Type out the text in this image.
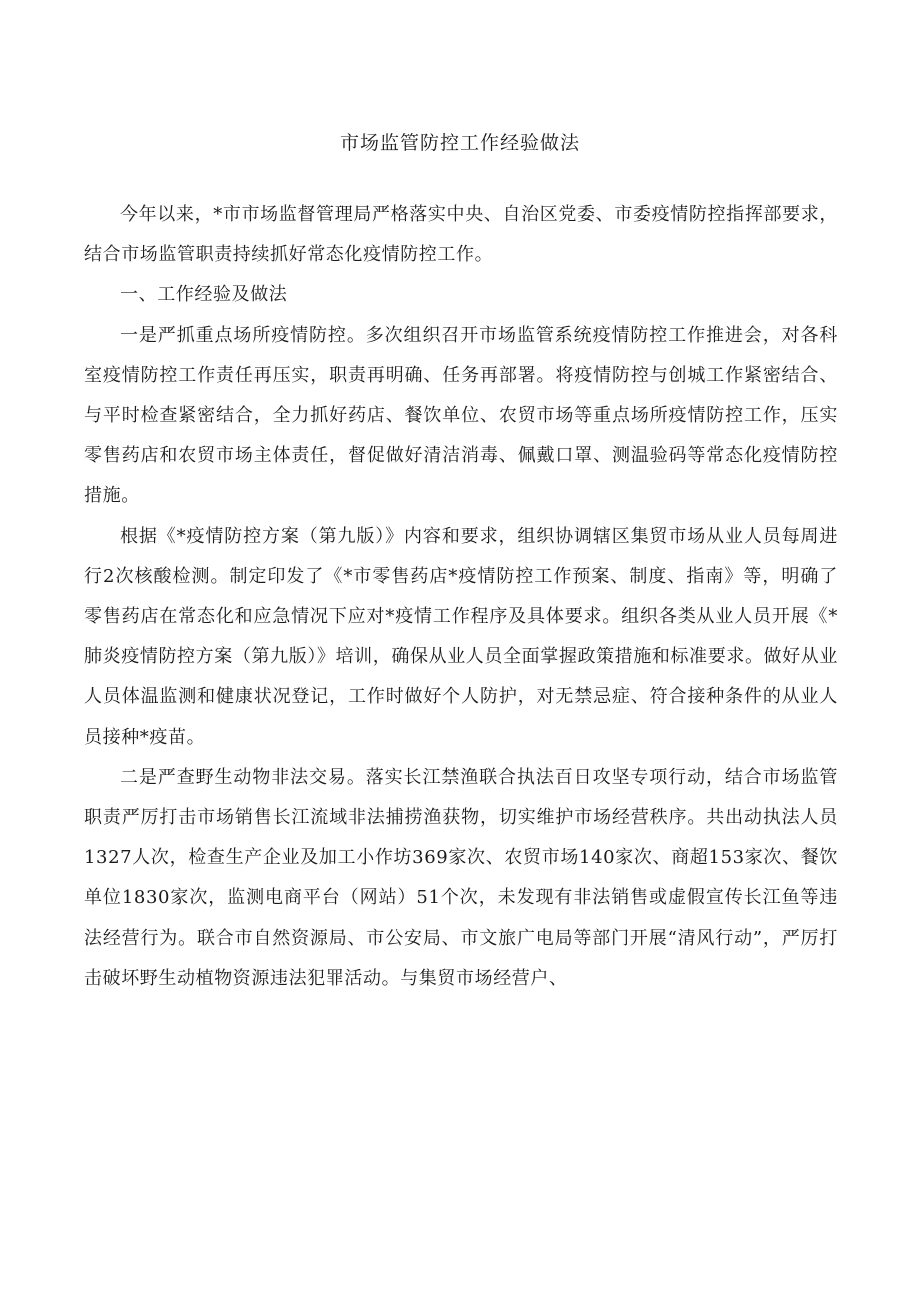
市场监管防控工作经验做法

今年以来，*市市场监督管理局严格落实中央、自治区党委、市委疫情防控指挥部要求，结合市场监管职责持续抓好常态化疫情防控工作。

一、工作经验及做法

一是严抓重点场所疫情防控。多次组织召开市场监管系统疫情防控工作推进会，对各科室疫情防控工作责任再压实，职责再明确、任务再部署。将疫情防控与创城工作紧密结合、与平时检查紧密结合，全力抓好药店、餐饮单位、农贸市场等重点场所疫情防控工作，压实零售药店和农贸市场主体责任，督促做好清洁消毒、佩戴口罩、测温验码等常态化疫情防控措施。

根据《*疫情防控方案（第九版）》内容和要求，组织协调辖区集贸市场从业人员每周进行2次核酸检测。制定印发了《*市零售药店*疫情防控工作预案、制度、指南》等，明确了零售药店在常态化和应急情况下应对*疫情工作程序及具体要求。组织各类从业人员开展《*肺炎疫情防控方案（第九版）》培训，确保从业人员全面掌握政策措施和标准要求。做好从业人员体温监测和健康状况登记，工作时做好个人防护，对无禁忌症、符合接种条件的从业人员接种*疫苗。

二是严查野生动物非法交易。落实长江禁渔联合执法百日攻坚专项行动，结合市场监管职责严厉打击市场销售长江流域非法捕捞渔获物，切实维护市场经营秩序。共出动执法人员1327人次，检查生产企业及加工小作坊369家次、农贸市场140家次、商超153家次、餐饮单位1830家次，监测电商平台（网站）51个次，未发现有非法销售或虚假宣传长江鱼等违法经营行为。联合市自然资源局、市公安局、市文旅广电局等部门开展“清风行动”，严厉打击破坏野生动植物资源违法犯罪活动。与集贸市场经营户、
